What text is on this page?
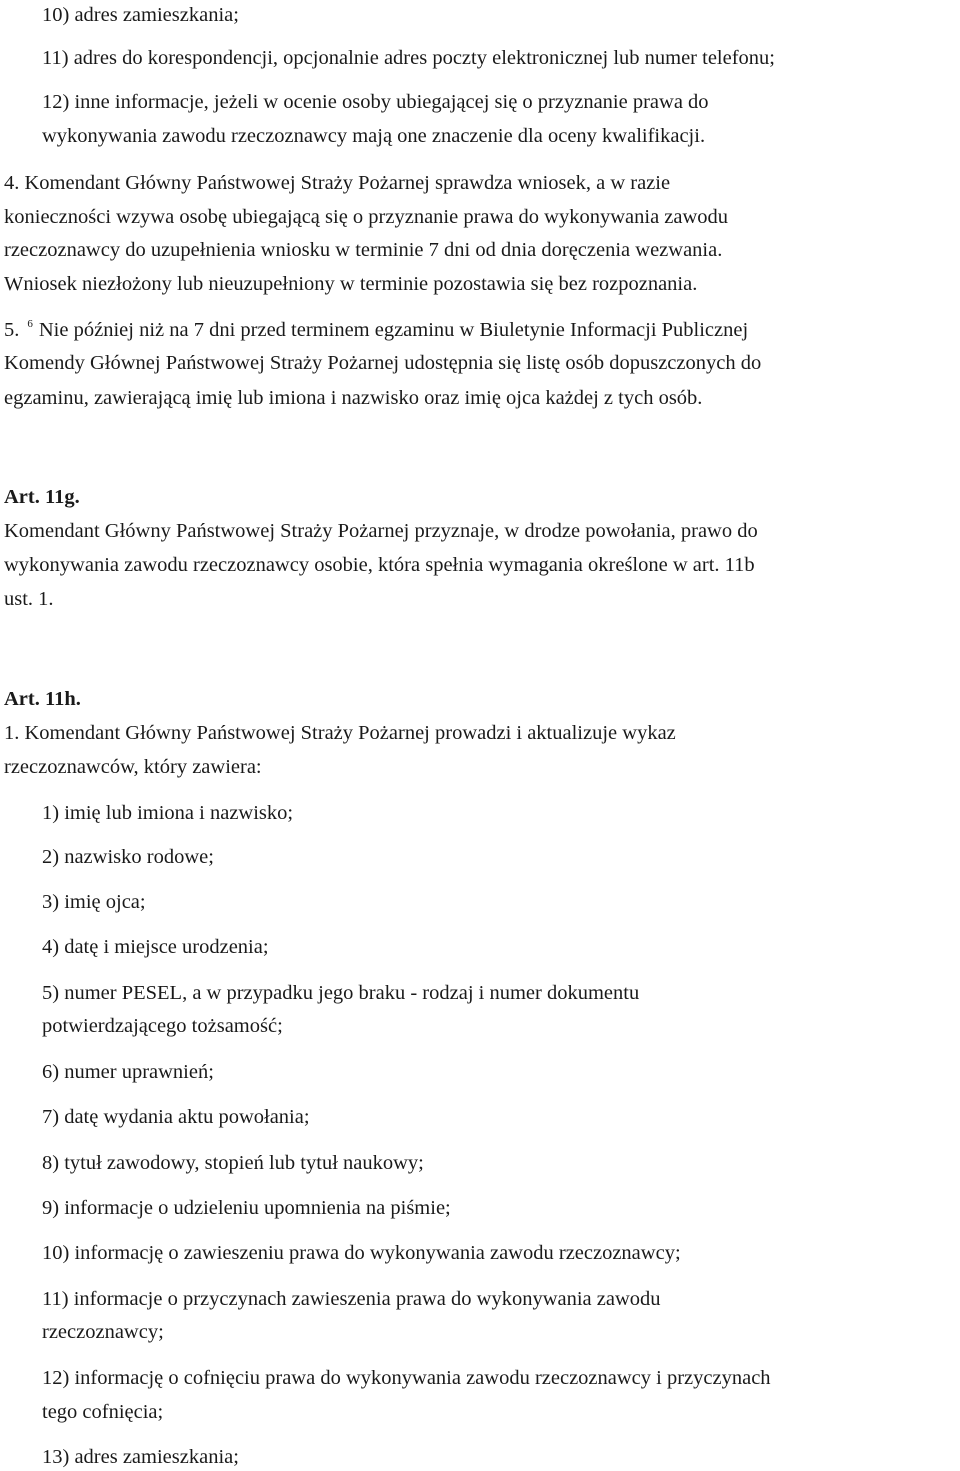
10) adres zamieszkania;
11) adres do korespondencji, opcjonalnie adres poczty elektronicznej lub numer telefonu;
12) inne informacje, jeżeli w ocenie osoby ubiegającej się o przyznanie prawa do
wykonywania zawodu rzeczoznawcy mają one znaczenie dla oceny kwalifikacji.
4. Komendant Główny Państwowej Straży Pożarnej sprawdza wniosek, a w razie
konieczności wzywa osobę ubiegającą się o przyznanie prawa do wykonywania zawodu
rzeczoznawcy do uzupełnienia wniosku w terminie 7 dni od dnia doręczenia wezwania.
Wniosek niezłożony lub nieuzupełniony w terminie pozostawia się bez rozpoznania.
5. $^6$ Nie później niż na 7 dni przed terminem egzaminu w Biuletynie Informacji Publicznej
Komendy Głównej Państwowej Straży Pożarnej udostępnia się listę osób dopuszczonych do
egzaminu, zawierającą imię lub imiona i nazwisko oraz imię ojca każdej z tych osób.
Art. 11g.
Komendant Główny Państwowej Straży Pożarnej przyznaje, w drodze powołania, prawo do
wykonywania zawodu rzeczoznawcy osobie, która spełnia wymagania określone w art. 11b
ust. 1.
Art. 11h.
1. Komendant Główny Państwowej Straży Pożarnej prowadzi i aktualizuje wykaz
rzeczoznawców, który zawiera:
1) imię lub imiona i nazwisko;
2) nazwisko rodowe;
3) imię ojca;
4) datę i miejsce urodzenia;
5) numer PESEL, a w przypadku jego braku - rodzaj i numer dokumentu
potwierdzającego tożsamość;
6) numer uprawnień;
7) datę wydania aktu powołania;
8) tytuł zawodowy, stopień lub tytuł naukowy;
9) informacje o udzieleniu upomnienia na piśmie;
10) informację o zawieszeniu prawa do wykonywania zawodu rzeczoznawcy;
11) informacje o przyczynach zawieszenia prawa do wykonywania zawodu
rzeczoznawcy;
12) informację o cofnięciu prawa do wykonywania zawodu rzeczoznawcy i przyczynach
tego cofnięcia;
13) adres zamieszkania;
